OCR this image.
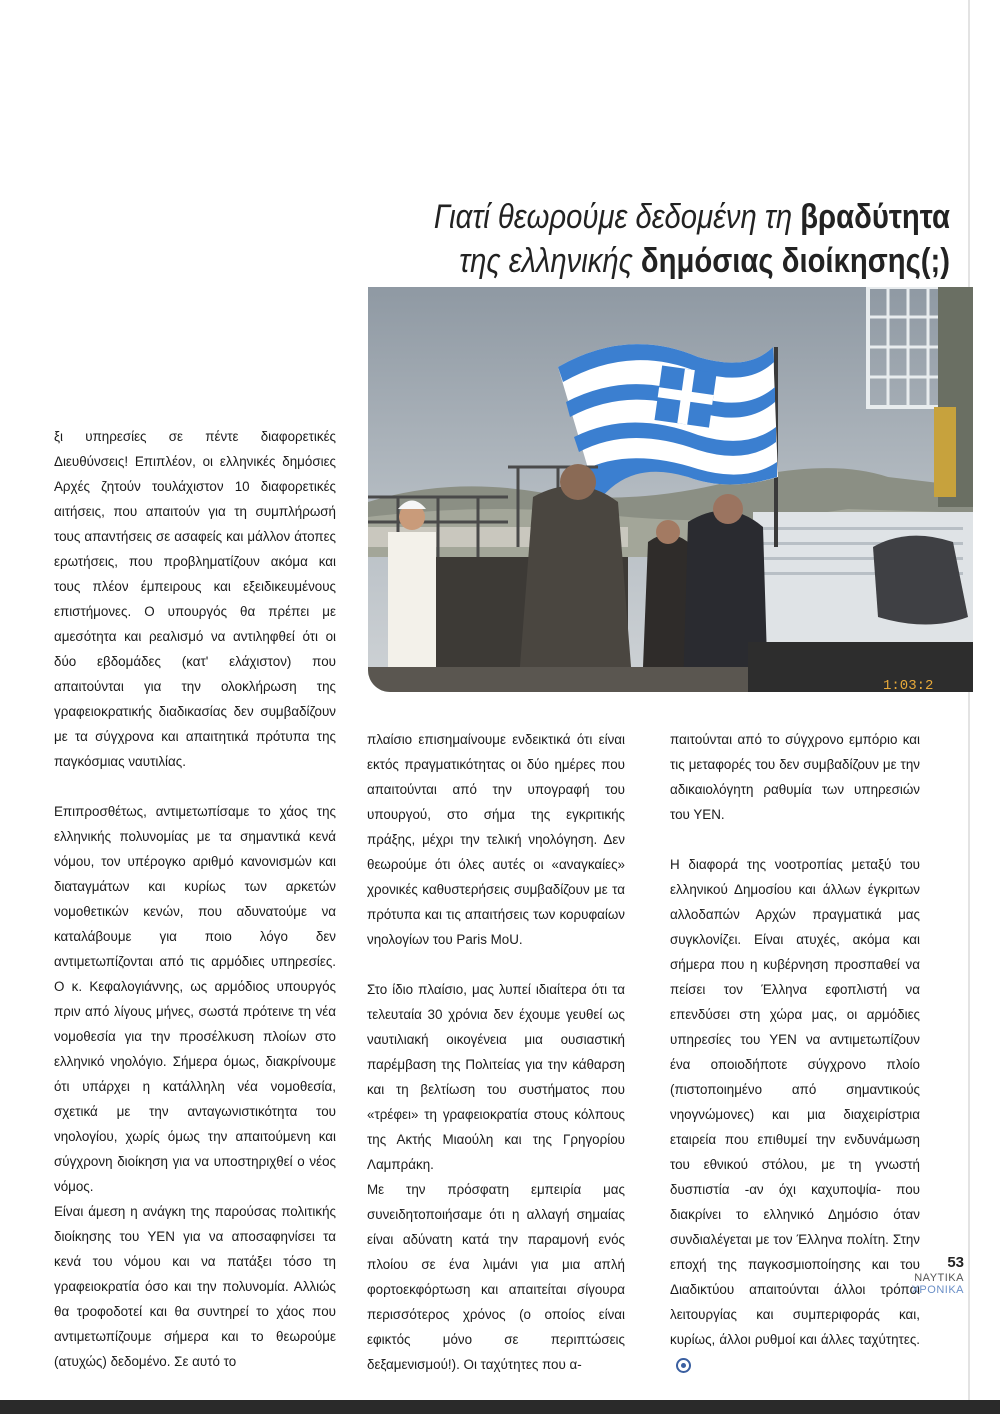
Γιατί θεωρούμε δεδομένη τη βραδύτητα
της ελληνικής δημόσιας διοίκησης(;)
1:03:2

ξι υπηρεσίες σε πέντε διαφορετικές Διευθύνσεις! Επιπλέον, οι ελληνικές δημόσιες Αρχές ζητούν τουλάχιστον 10 διαφορετικές αιτήσεις, που απαιτούν για τη συμπλήρωσή τους απαντήσεις σε ασαφείς και μάλλον άτοπες ερωτήσεις, που προβληματίζουν ακόμα και τους πλέον έμπειρους και εξειδικευμένους επιστήμονες. Ο υπουργός θα πρέπει με αμεσότητα και ρεαλισμό να αντιληφθεί ότι οι δύο εβδομάδες (κατ' ελάχιστον) που απαιτούνται για την ολοκλήρωση της γραφειοκρατικής διαδικασίας δεν συμβαδίζουν με τα σύγχρονα και απαιτητικά πρότυπα της παγκόσμιας ναυτιλίας.

Επιπροσθέτως, αντιμετωπίσαμε το χάος της ελληνικής πολυνομίας με τα σημαντικά κενά νόμου, τον υπέρογκο αριθμό κανονισμών και διαταγμάτων και κυρίως των αρκετών νομοθετικών κενών, που αδυνατούμε να καταλάβουμε για ποιο λόγο δεν αντιμετωπίζονται από τις αρμόδιες υπηρεσίες. Ο κ. Κεφαλογιάννης, ως αρμόδιος υπουργός πριν από λίγους μήνες, σωστά πρότεινε τη νέα νομοθεσία για την προσέλκυση πλοίων στο ελληνικό νηολόγιο. Σήμερα όμως, διακρίνουμε ότι υπάρχει η κατάλληλη νέα νομοθεσία, σχετικά με την ανταγωνιστικότητα του νηολογίου, χωρίς όμως την απαιτούμενη και σύγχρονη διοίκηση για να υποστηριχθεί ο νέος νόμος.

Είναι άμεση η ανάγκη της παρούσας πολιτικής διοίκησης του ΥΕΝ για να αποσαφηνίσει τα κενά του νόμου και να πατάξει τόσο τη γραφειοκρατία όσο και την πολυνομία. Αλλιώς θα τροφοδοτεί και θα συντηρεί το χάος που αντιμετωπίζουμε σήμερα και το θεωρούμε (ατυχώς) δεδομένο. Σε αυτό το

πλαίσιο επισημαίνουμε ενδεικτικά ότι είναι εκτός πραγματικότητας οι δύο ημέρες που απαιτούνται από την υπογραφή του υπουργού, στο σήμα της εγκριτικής πράξης, μέχρι την τελική νηολόγηση. Δεν θεωρούμε ότι όλες αυτές οι «αναγκαίες» χρονικές καθυστερήσεις συμβαδίζουν με τα πρότυπα και τις απαιτήσεις των κορυφαίων νηολογίων του Paris MoU.

Στο ίδιο πλαίσιο, μας λυπεί ιδιαίτερα ότι τα τελευταία 30 χρόνια δεν έχουμε γευθεί ως ναυτιλιακή οικογένεια μια ουσιαστική παρέμβαση της Πολιτείας για την κάθαρση και τη βελτίωση του συστήματος που «τρέφει» τη γραφειοκρατία στους κόλπους της Ακτής Μιαούλη και της Γρηγορίου Λαμπράκη.

Με την πρόσφατη εμπειρία μας συνειδητοποιήσαμε ότι η αλλαγή σημαίας είναι αδύνατη κατά την παραμονή ενός πλοίου σε ένα λιμάνι για μια απλή φορτοεκφόρτωση και απαιτείται σίγουρα περισσότερος χρόνος (ο οποίος είναι εφικτός μόνο σε περιπτώσεις δεξαμενισμού!). Οι ταχύτητες που α-

παιτούνται από το σύγχρονο εμπόριο και τις μεταφορές του δεν συμβαδίζουν με την αδικαιολόγητη ραθυμία των υπηρεσιών του ΥΕΝ.

Η διαφορά της νοοτροπίας μεταξύ του ελληνικού Δημοσίου και άλλων έγκριτων αλλοδαπών Αρχών πραγματικά μας συγκλονίζει. Είναι ατυχές, ακόμα και σήμερα που η κυβέρνηση προσπαθεί να πείσει τον Έλληνα εφοπλιστή να επενδύσει στη χώρα μας, οι αρμόδιες υπηρεσίες του ΥΕΝ να αντιμετωπίζουν ένα οποιοδήποτε σύγχρονο πλοίο (πιστοποιημένο από σημαντικούς νηογνώμονες) και μια διαχειρίστρια εταιρεία που επιθυμεί την ενδυνάμωση του εθνικού στόλου, με τη γνωστή δυσπιστία -αν όχι καχυποψία- που διακρίνει το ελληνικό Δημόσιο όταν συνδιαλέγεται με τον Έλληνα πολίτη. Στην εποχή της παγκοσμιοποίησης και του Διαδικτύου απαιτούνται άλλοι τρόποι λειτουργίας και συμπεριφοράς και, κυρίως, άλλοι ρυθμοί και άλλες ταχύτητες.

53
ΝΑΥΤΙΚΑ
ΧΡΟΝΙΚΑ
